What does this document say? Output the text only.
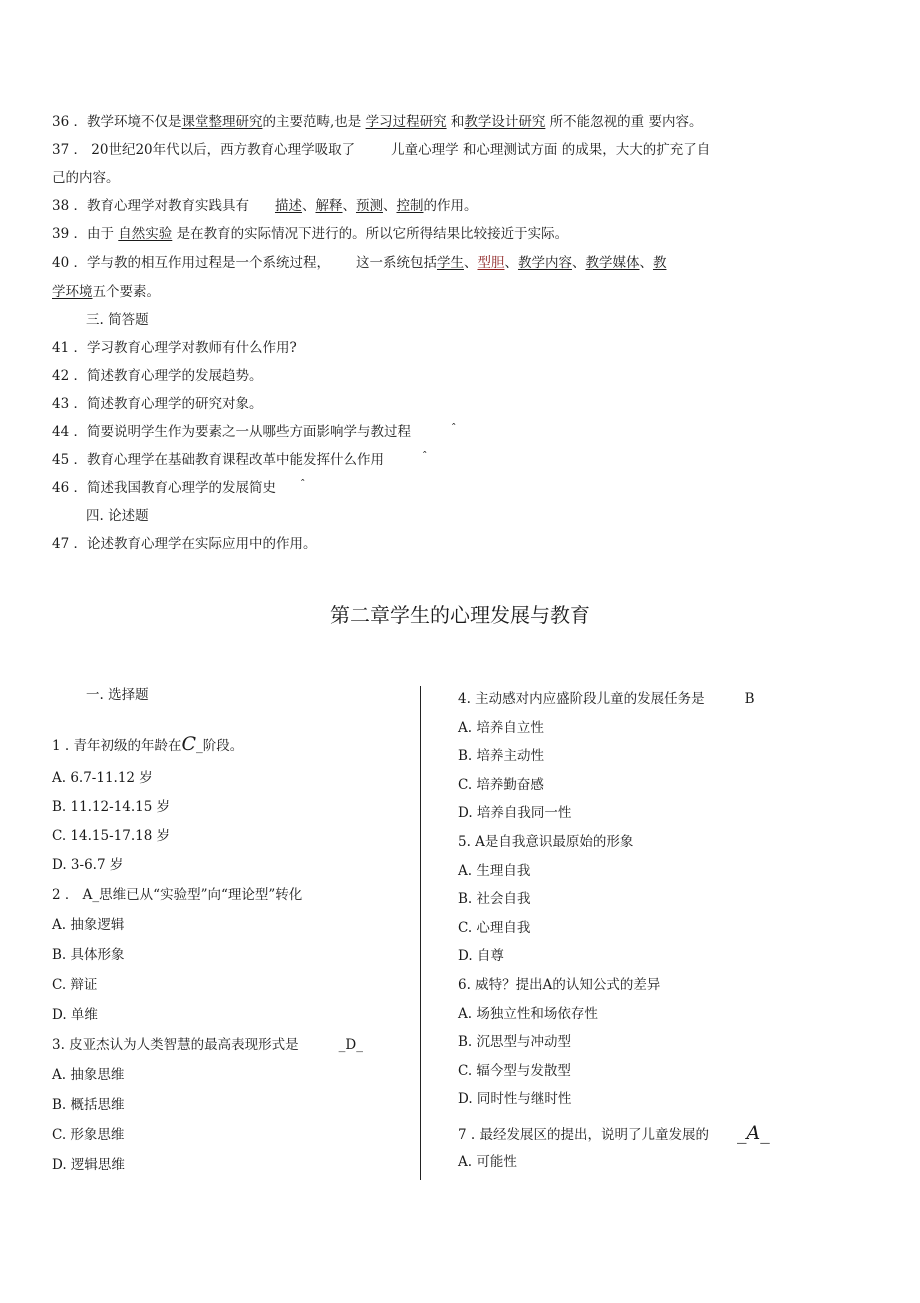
36 ．教学环境不仅是课堂整理研究的主要范畴,也是 学习过程研究 和教学设计研究 所不能忽视的重 要内容。
37 ． 20世纪20年代以后，西方教育心理学吸取了	儿童心理学 和心理测试方面 的成果，大大的扩充了自
己的内容。
38 ．教育心理学对教育实践具有 描述、解释、预测、控制的作用。
39 ．由于 自然实验 是在教育的实际情况下进行的。所以它所得结果比较接近于实际。
40 ．学与教的相互作用过程是一个系统过程， 这一系统包括学生、型胆、教学内容、教学媒体、教
学环境五个要素。
三. 简答题
41 ．学习教育心理学对教师有什么作用?
42 ．简述教育心理学的发展趋势。
43 ．简述教育心理学的研究对象。
44 ．简要说明学生作为要素之一从哪些方面影响学与教过程	$^ˆ$
45 ．教育心理学在基础教育课程改革中能发挥什么作用	$^ˆ$
46 ．简述我国教育心理学的发展简史 $^ˆ$
四. 论述题
47 ．论述教育心理学在实际应用中的作用。
第二章学生的心理发展与教育
一. 选择题
1 . 青年初级的年龄在C_阶段。
A. 6.7-11.12 岁
B. 11.12-14.15 岁
C. 14.15-17.18 岁
D. 3-6.7 岁
2 ． A_思维已从“实验型”向“理论型”转化
A. 抽象逻辑
B. 具体形象
C. 辩证
D. 单维
3. 皮亚杰认为人类智慧的最高表现形式是	_D_
A. 抽象思维
B. 概括思维
C. 形象思维
D. 逻辑思维
4. 主动感对内应盛阶段儿童的发展任务是	B
A. 培养自立性
B. 培养主动性
C. 培养勤奋感
D. 培养自我同一性
5. A是自我意识最原始的形象
A. 生理自我
B. 社会自我
C. 心理自我
D. 自尊
6. 威特？提出A的认知公式的差异
A. 场独立性和场依存性
B. 沉思型与冲动型
C. 辐今型与发散型
D. 同时性与继时性
7 . 最经发展区的提出，说明了儿童发展的 _A_
A. 可能性
